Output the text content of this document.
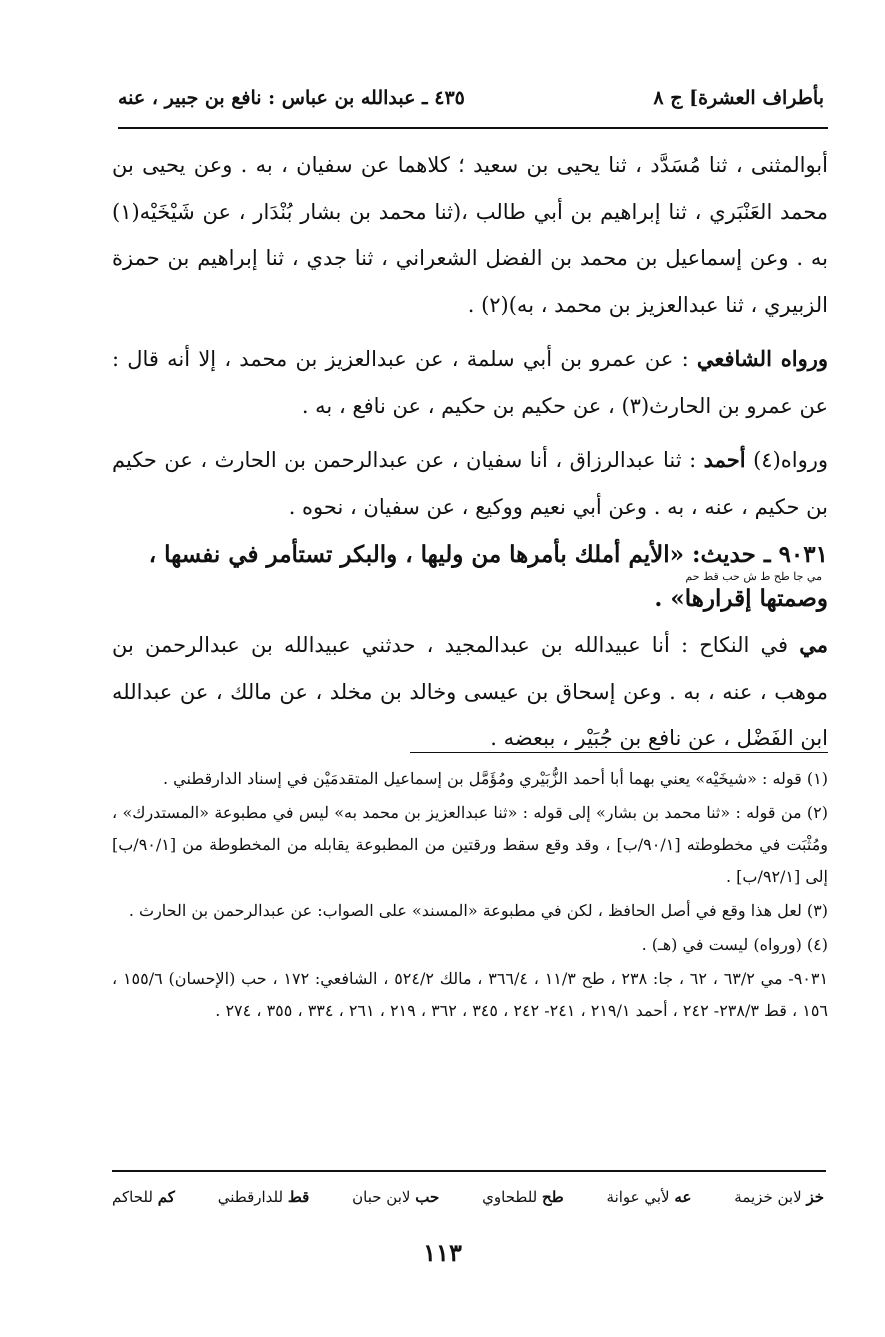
بأطراف العشرة] ج ٨
٤٣٥ ـ عبدالله بن عباس : نافع بن جبير ، عنه

أبوالمثنى ، ثنا مُسَدَّد ، ثنا يحيى بن سعيد ؛ كلاهما عن سفيان ، به . وعن يحيى بن محمد العَنْبَري ، ثنا إبراهيم بن أبي طالب ،(ثنا محمد بن بشار بُنْدَار ، عن شَيْخَيْه(١) به . وعن إسماعيل بن محمد بن الفضل الشعراني ، ثنا جدي ، ثنا إبراهيم بن حمزة الزبيري ، ثنا عبدالعزيز بن محمد ، به)(٢) .

ورواه الشافعي : عن عمرو بن أبي سلمة ، عن عبدالعزيز بن محمد ، إلا أنه قال : عن عمرو بن الحارث(٣) ، عن حكيم بن حكيم ، عن نافع ، به .

ورواه(٤) أحمد : ثنا عبدالرزاق ، أنا سفيان ، عن عبدالرحمن بن الحارث ، عن حكيم بن حكيم ، عنه ، به . وعن أبي نعيم ووكيع ، عن سفيان ، نحوه .

٩٠٣١ ـ حديث: «الأيم أملك بأمرها من وليها ، والبكر تستأمر في نفسها ،
مي جا طح ط ش حب قط حم
وصمتها إقرارها» .

مي في النكاح : أنا عبيدالله بن عبدالمجيد ، حدثني عبيدالله بن عبدالرحمن بن موهب ، عنه ، به . وعن إسحاق بن عيسى وخالد بن مخلد ، عن مالك ، عن عبدالله ابن الفَضْل ، عن نافع بن جُبَيْر ، ببعضه .

(١) قوله : «شيخَيْه» يعني بهما أبا أحمد الزُّبَيْري ومُؤَمَّل بن إسماعيل المتقدمَيْن في إسناد الدارقطني .

(٢) من قوله : «ثنا محمد بن بشار» إلى قوله : «ثنا عبدالعزيز بن محمد به» ليس في مطبوعة «المستدرك» ، ومُثْبَت في مخطوطته [٩٠/١/ب] ، وقد وقع سقط ورقتين من المطبوعة يقابله من المخطوطة من [٩٠/١/ب] إلى [٩٢/١/ب] .

(٣) لعل هذا وقع في أصل الحافظ ، لكن في مطبوعة «المسند» على الصواب: عن عبدالرحمن بن الحارث .

(٤) (ورواه) ليست في (هـ) .

٩٠٣١- مي ٦٣/٢ ، ٦٢ ، جا: ٢٣٨ ، طح ١١/٣ ، ٣٦٦/٤ ، مالك ٥٢٤/٢ ، الشافعي: ١٧٢ ، حب (الإحسان) ١٥٥/٦ ، ١٥٦ ، قط ٢٣٨/٣- ٢٤٢ ، أحمد ٢١٩/١ ، ٢٤١- ٢٤٢ ، ٣٤٥ ، ٣٦٢ ، ٢١٩ ، ٢٦١ ، ٣٣٤ ، ٣٥٥ ، ٢٧٤ .

خز لابن خزيمة
عه لأبي عوانة
طح للطحاوي
حب لابن حبان
قط للدارقطني
كم للحاكم
١١٣
